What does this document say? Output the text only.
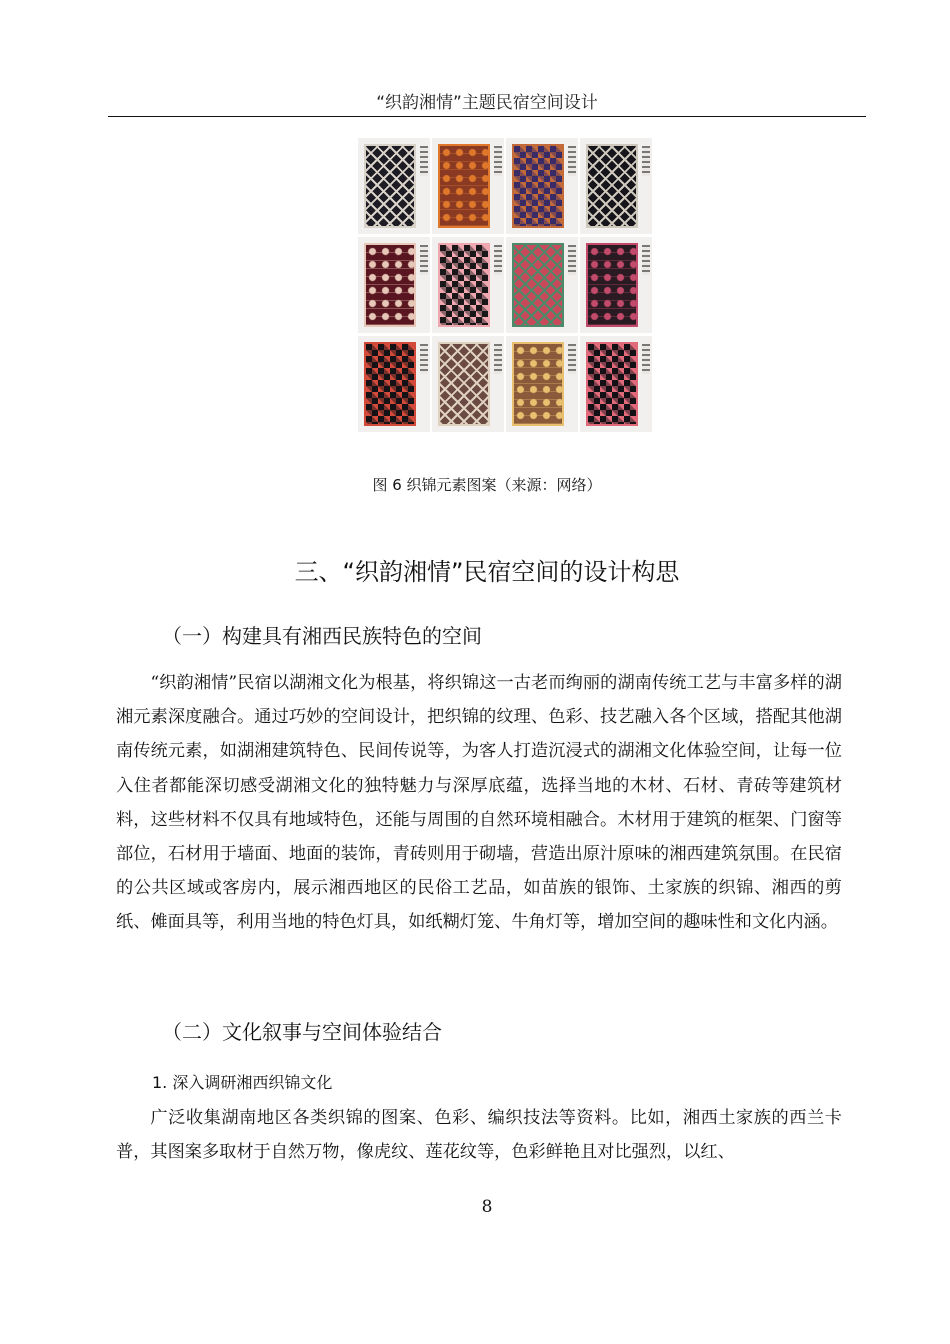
“织韵湘情”主题民宿空间设计
图 6 织锦元素图案（来源：网络）
三、“织韵湘情”民宿空间的设计构思
（一）构建具有湘西民族特色的空间
“织韵湘情”民宿以湖湘文化为根基，将织锦这一古老而绚丽的湖南传统工艺与丰富多样的湖湘元素深度融合。通过巧妙的空间设计，把织锦的纹理、色彩、技艺融入各个区域，搭配其他湖南传统元素，如湖湘建筑特色、民间传说等，为客人打造沉浸式的湖湘文化体验空间，让每一位入住者都能深切感受湖湘文化的独特魅力与深厚底蕴，选择当地的木材、石材、青砖等建筑材料，这些材料不仅具有地域特色，还能与周围的自然环境相融合。木材用于建筑的框架、门窗等部位，石材用于墙面、地面的装饰，青砖则用于砌墙，营造出原汁原味的湘西建筑氛围。在民宿的公共区域或客房内，展示湘西地区的民俗工艺品，如苗族的银饰、土家族的织锦、湘西的剪纸、傩面具等，利用当地的特色灯具，如纸糊灯笼、牛角灯等，增加空间的趣味性和文化内涵。
（二）文化叙事与空间体验结合
1. 深入调研湘西织锦文化
广泛收集湖南地区各类织锦的图案、色彩、编织技法等资料。比如，湘西土家族的西兰卡普，其图案多取材于自然万物，像虎纹、莲花纹等，色彩鲜艳且对比强烈，以红、
8
